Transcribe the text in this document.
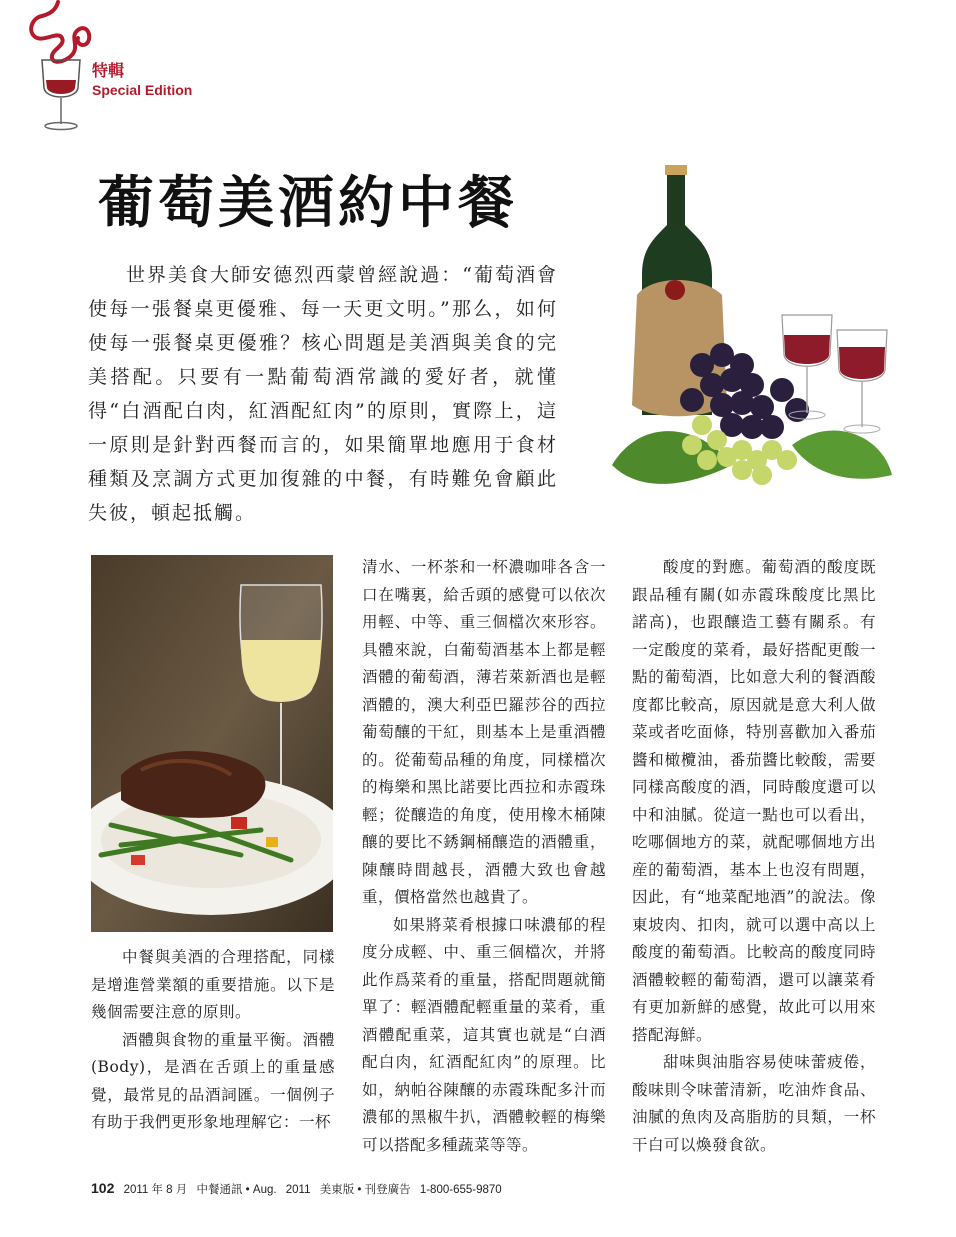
特輯
Special Edition
葡萄美酒約中餐
世界美食大師安德烈西蒙曾經說過：“葡萄酒會使每一張餐桌更優雅、每一天更文明。”那么，如何使每一張餐桌更優雅？核心問題是美酒與美食的完美搭配。只要有一點葡萄酒常識的愛好者，就懂得“白酒配白肉，紅酒配紅肉”的原則，實際上，這一原則是針對西餐而言的，如果簡單地應用于食材種類及烹調方式更加復雜的中餐，有時難免會顧此失彼，頓起抵觸。

中餐與美酒的合理搭配，同樣是增進營業額的重要措施。以下是幾個需要注意的原則。

酒體與食物的重量平衡。酒體(Body)，是酒在舌頭上的重量感覺，最常見的品酒詞匯。一個例子有助于我們更形象地理解它：一杯

清水、一杯茶和一杯濃咖啡各含一口在嘴裏，給舌頭的感覺可以依次用輕、中等、重三個檔次來形容。具體來說，白葡萄酒基本上都是輕酒體的葡萄酒，薄若萊新酒也是輕酒體的，澳大利亞巴羅莎谷的西拉葡萄釀的干紅，則基本上是重酒體的。從葡萄品種的角度，同樣檔次的梅樂和黑比諾要比西拉和赤霞珠輕；從釀造的角度，使用橡木桶陳釀的要比不銹鋼桶釀造的酒體重，陳釀時間越長，酒體大致也會越重，價格當然也越貴了。

如果將菜肴根據口味濃郁的程度分成輕、中、重三個檔次，并將此作爲菜肴的重量，搭配問題就簡單了：輕酒體配輕重量的菜肴，重酒體配重菜，這其實也就是“白酒配白肉，紅酒配紅肉”的原理。比如，納帕谷陳釀的赤霞珠配多汁而濃郁的黑椒牛扒，酒體較輕的梅樂可以搭配多種蔬菜等等。

酸度的對應。葡萄酒的酸度既跟品種有關(如赤霞珠酸度比黑比諾高)，也跟釀造工藝有關系。有一定酸度的菜肴，最好搭配更酸一點的葡萄酒，比如意大利的餐酒酸度都比較高，原因就是意大利人做菜或者吃面條，特別喜歡加入番茄醬和橄欖油，番茄醬比較酸，需要同樣高酸度的酒，同時酸度還可以中和油膩。從這一點也可以看出，吃哪個地方的菜，就配哪個地方出産的葡萄酒，基本上也沒有問題，因此，有“地菜配地酒”的說法。像東坡肉、扣肉，就可以選中高以上酸度的葡萄酒。比較高的酸度同時酒體較輕的葡萄酒，還可以讓菜肴有更加新鮮的感覺，故此可以用來搭配海鮮。

甜味與油脂容易使味蕾疲倦，酸味則令味蕾清新，吃油炸食品、油膩的魚肉及高脂肪的貝類，一杯干白可以煥發食欲。

102 2011 年 8 月 中餐通訊 • Aug. 2011 美東版 • 刊登廣告 1-800-655-9870
